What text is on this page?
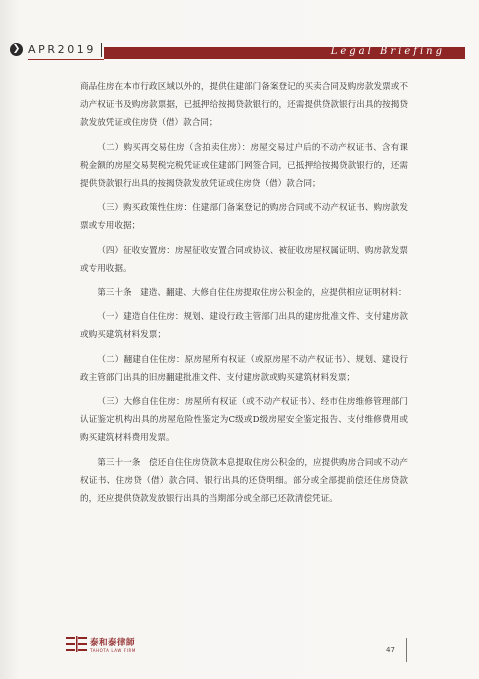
❯ APR2019	Legal Briefing

商品住房在本市行政区域以外的，提供住建部门备案登记的买卖合同及购房款发票或不动产权证书及购房款票据，已抵押给按揭贷款银行的，还需提供贷款银行出具的按揭贷款发放凭证或住房贷（借）款合同；

（二）购买再交易住房（含拍卖住房）：房屋交易过户后的不动产权证书、含有课税金额的房屋交易契税完税凭证或住建部门网签合同，已抵押给按揭贷款银行的，还需提供贷款银行出具的按揭贷款发放凭证或住房贷（借）款合同；

（三）购买政策性住房：住建部门备案登记的购房合同或不动产权证书、购房款发票或专用收据；

（四）征收安置房：房屋征收安置合同或协议、被征收房屋权属证明、购房款发票或专用收据。

第三十条　建造、翻建、大修自住住房提取住房公积金的，应提供相应证明材料：

（一）建造自住住房：规划、建设行政主管部门出具的建房批准文件、支付建房款或购买建筑材料发票；

（二）翻建自住住房：原房屋所有权证（或原房屋不动产权证书）、规划、建设行政主管部门出具的旧房翻建批准文件、支付建房款或购买建筑材料发票；

（三）大修自住住房：房屋所有权证（或不动产权证书）、经市住房维修管理部门认证鉴定机构出具的房屋危险性鉴定为C级或D级房屋安全鉴定报告、支付维修费用或购买建筑材料费用发票。

第三十一条　偿还自住住房贷款本息提取住房公积金的，应提供购房合同或不动产权证书、住房贷（借）款合同、银行出具的还贷明细。部分或全部提前偿还住房贷款的，还应提供贷款发放银行出具的当期部分或全部已还款清偿凭证。

泰和泰律師
TAHOTA LAW FIRM	47
